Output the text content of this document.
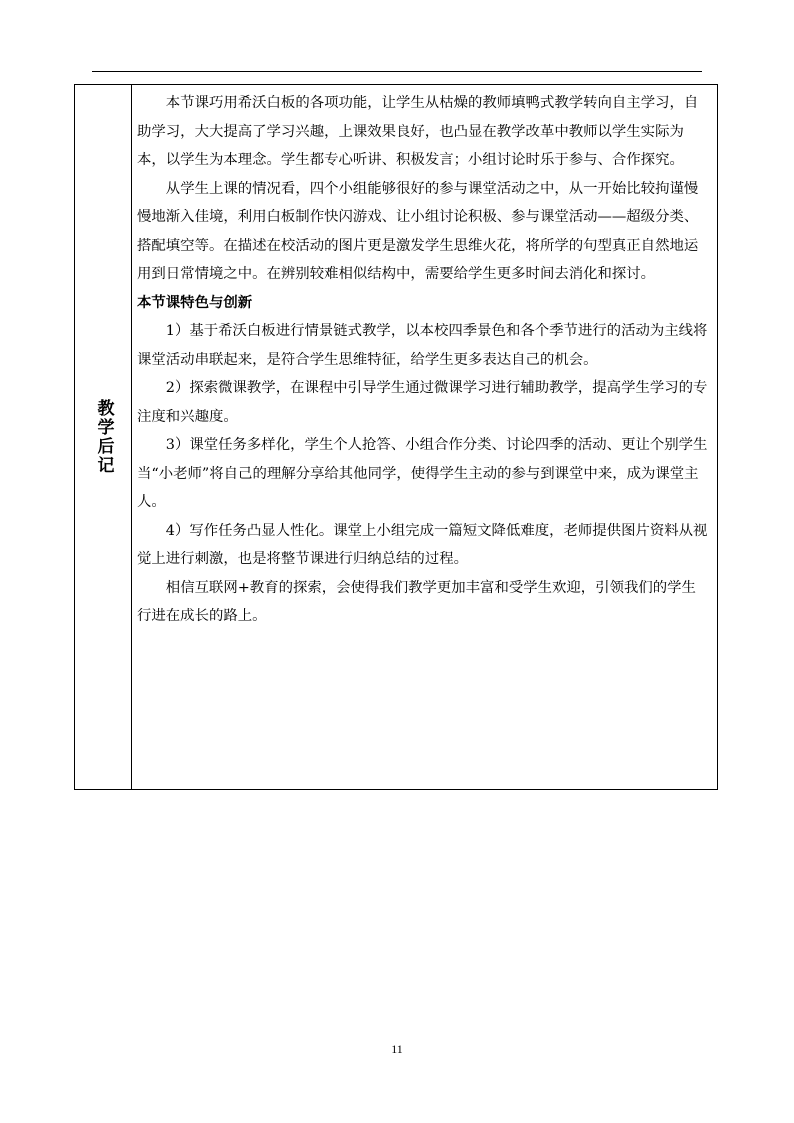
教学后记

本节课巧用希沃白板的各项功能，让学生从枯燥的教师填鸭式教学转向自主学习，自助学习，大大提高了学习兴趣，上课效果良好，也凸显在教学改革中教师以学生实际为本，以学生为本理念。学生都专心听讲、积极发言；小组讨论时乐于参与、合作探究。

从学生上课的情况看，四个小组能够很好的参与课堂活动之中，从一开始比较拘谨慢慢地渐入佳境，利用白板制作快闪游戏、让小组讨论积极、参与课堂活动——超级分类、搭配填空等。在描述在校活动的图片更是激发学生思维火花，将所学的句型真正自然地运用到日常情境之中。在辨别较难相似结构中，需要给学生更多时间去消化和探讨。

本节课特色与创新

1）基于希沃白板进行情景链式教学，以本校四季景色和各个季节进行的活动为主线将课堂活动串联起来，是符合学生思维特征，给学生更多表达自己的机会。

2）探索微课教学，在课程中引导学生通过微课学习进行辅助教学，提高学生学习的专注度和兴趣度。

3）课堂任务多样化，学生个人抢答、小组合作分类、讨论四季的活动、更让个别学生当“小老师”将自己的理解分享给其他同学，使得学生主动的参与到课堂中来，成为课堂主人。

4）写作任务凸显人性化。课堂上小组完成一篇短文降低难度，老师提供图片资料从视觉上进行刺激，也是将整节课进行归纳总结的过程。

相信互联网+教育的探索，会使得我们教学更加丰富和受学生欢迎，引领我们的学生行进在成长的路上。

11
